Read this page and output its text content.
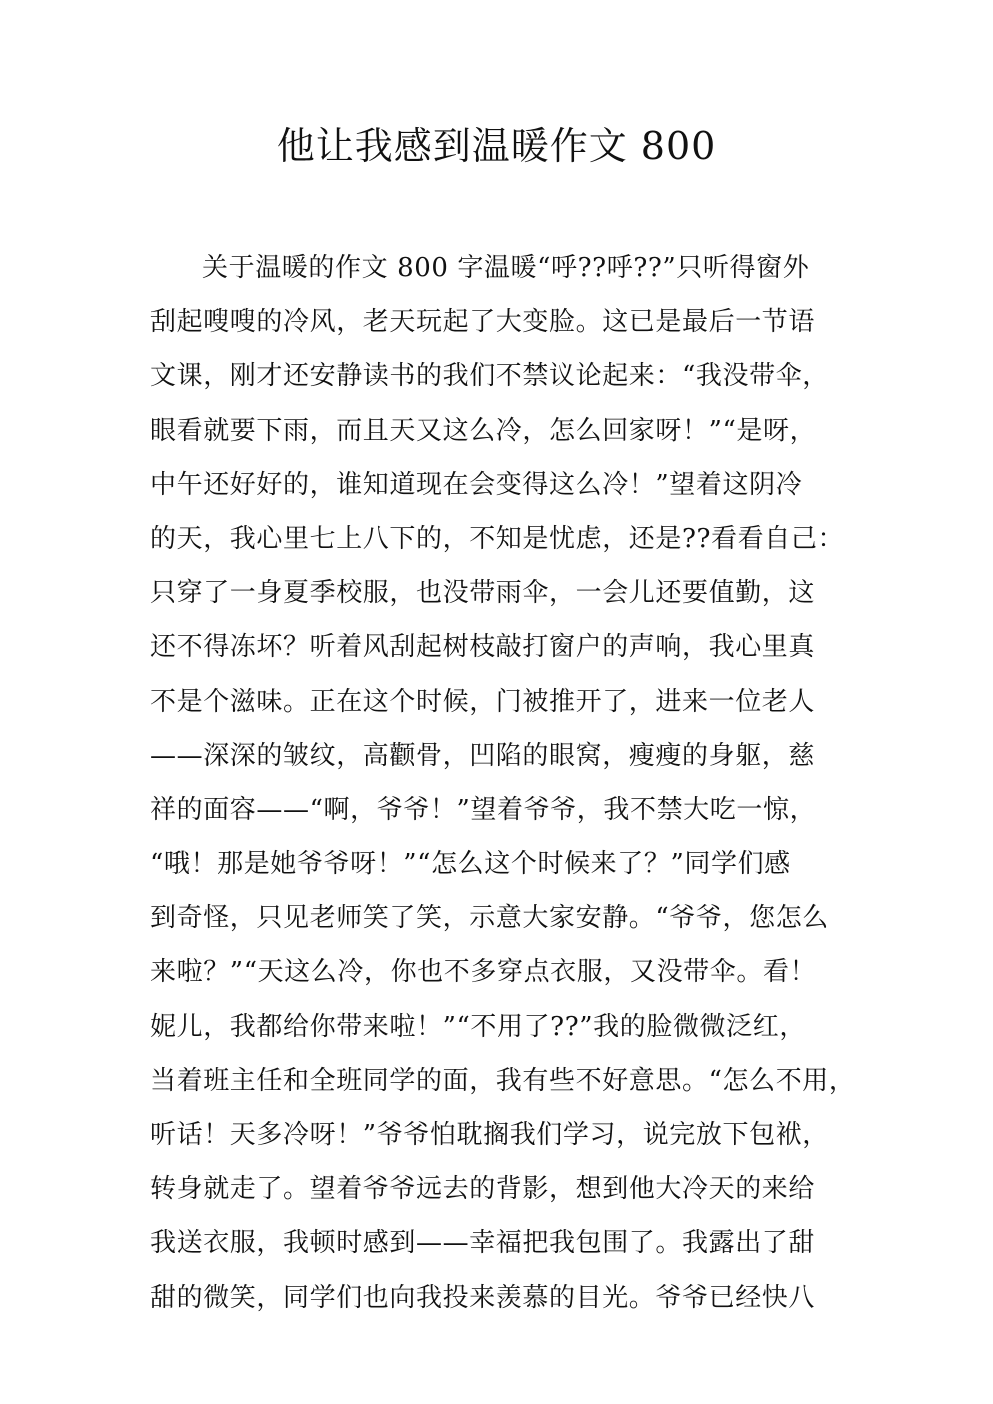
他让我感到温暖作文 800
关于温暖的作文 800 字温暖“呼??呼??”只听得窗外
刮起嗖嗖的冷风，老天玩起了大变脸。这已是最后一节语
文课，刚才还安静读书的我们不禁议论起来：“我没带伞，
眼看就要下雨，而且天又这么冷，怎么回家呀！”“是呀，
中午还好好的，谁知道现在会变得这么冷！”望着这阴冷
的天，我心里七上八下的，不知是忧虑，还是??看看自己：
只穿了一身夏季校服，也没带雨伞，一会儿还要值勤，这
还不得冻坏？听着风刮起树枝敲打窗户的声响，我心里真
不是个滋味。正在这个时候，门被推开了，进来一位老人
——深深的皱纹，高颧骨，凹陷的眼窝，瘦瘦的身躯，慈
祥的面容——“啊，爷爷！”望着爷爷，我不禁大吃一惊，
“哦！那是她爷爷呀！”“怎么这个时候来了？”同学们感
到奇怪，只见老师笑了笑，示意大家安静。“爷爷，您怎么
来啦？”“天这么冷，你也不多穿点衣服，又没带伞。看！
妮儿，我都给你带来啦！”“不用了??”我的脸微微泛红，
当着班主任和全班同学的面，我有些不好意思。“怎么不用，
听话！天多冷呀！”爷爷怕耽搁我们学习，说完放下包袱，
转身就走了。望着爷爷远去的背影，想到他大冷天的来给
我送衣服，我顿时感到——幸福把我包围了。我露出了甜
甜的微笑，同学们也向我投来羡慕的目光。爷爷已经快八
